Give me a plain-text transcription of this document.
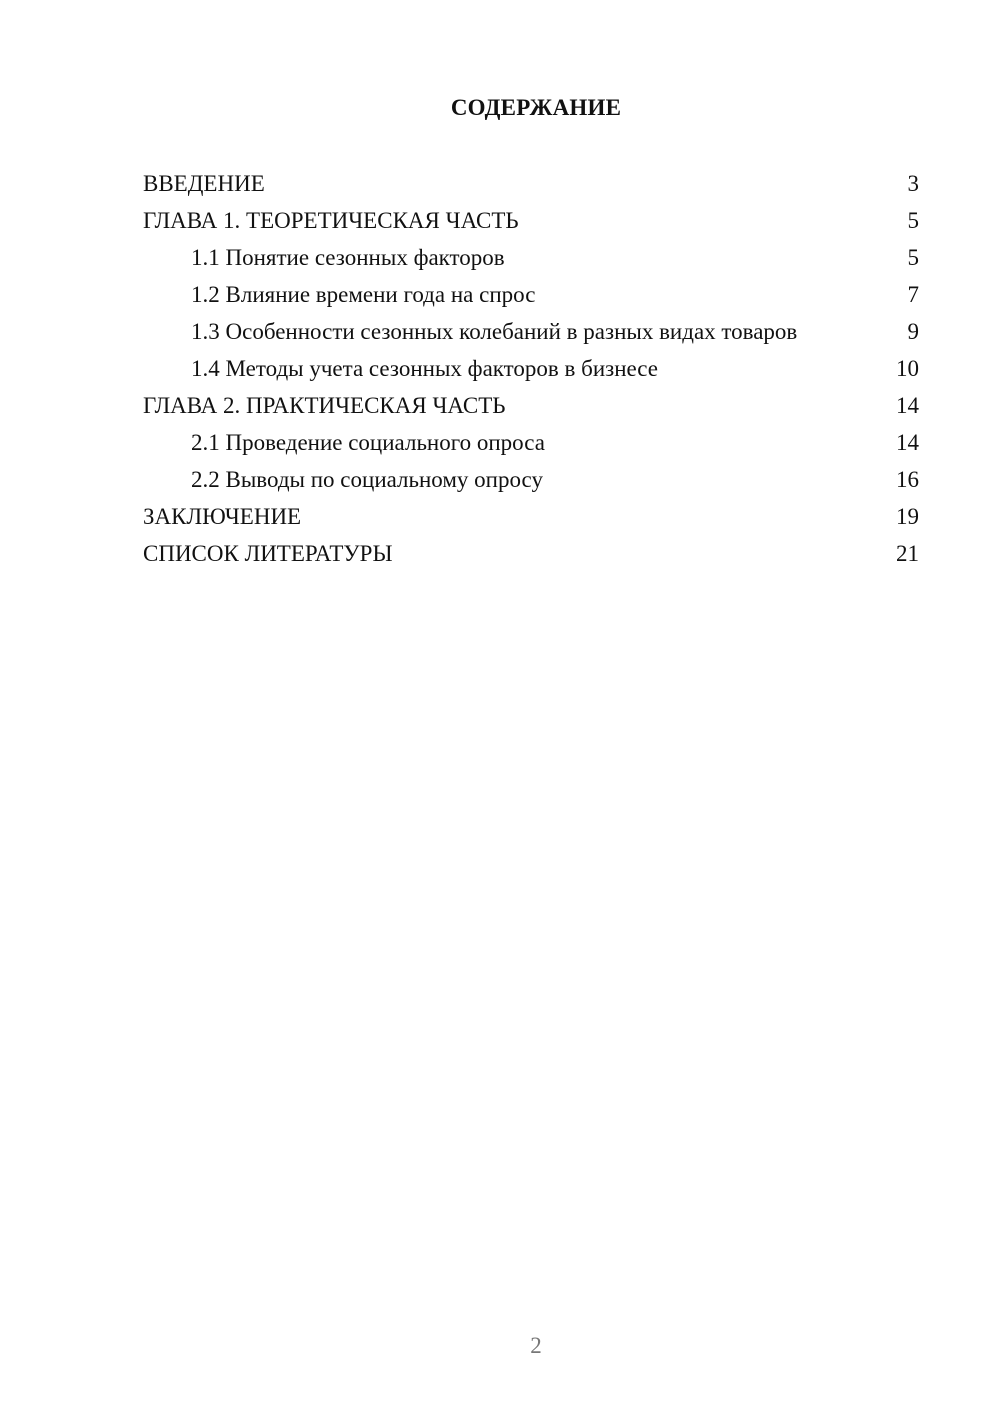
СОДЕРЖАНИЕ
ВВЕДЕНИЕ	3
ГЛАВА 1. ТЕОРЕТИЧЕСКАЯ ЧАСТЬ	5
1.1 Понятие сезонных факторов	5
1.2 Влияние времени года на спрос	7
1.3 Особенности сезонных колебаний в разных видах товаров	9
1.4 Методы учета сезонных факторов в бизнесе	10
ГЛАВА 2. ПРАКТИЧЕСКАЯ ЧАСТЬ	14
2.1 Проведение социального опроса	14
2.2 Выводы по социальному опросу	16
ЗАКЛЮЧЕНИЕ	19
СПИСОК ЛИТЕРАТУРЫ	21
2
